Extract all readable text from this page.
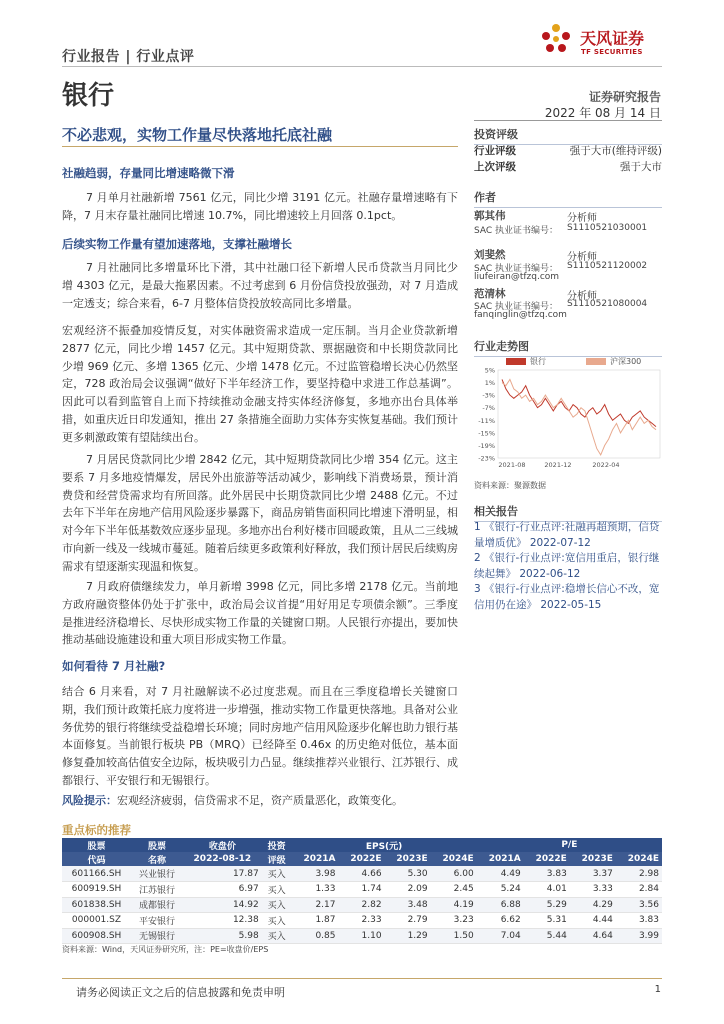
行业报告 | 行业点评
银行
天风证券
TF SECURITIES
证券研究报告
2022 年 08 月 14 日
不必悲观，实物工作量尽快落地托底社融
社融趋弱，存量同比增速略微下滑
7 月单月社融新增 7561 亿元，同比少增 3191 亿元。社融存量增速略有下降，7 月末存量社融同比增速 10.7%，同比增速较上月回落 0.1pct。
后续实物工作量有望加速落地，支撑社融增长
7 月社融同比多增量环比下滑，其中社融口径下新增人民币贷款当月同比少增 4303 亿元，是最大拖累因素。不过考虑到 6 月份信贷投放强劲，对 7 月造成一定透支；综合来看，6-7 月整体信贷投放较高同比多增量。
宏观经济不振叠加疫情反复，对实体融资需求造成一定压制。当月企业贷款新增 2877 亿元，同比少增 1457 亿元。其中短期贷款、票据融资和中长期贷款同比少增 969 亿元、多增 1365 亿元、少增 1478 亿元。不过监管稳增长决心仍然坚定，728 政治局会议强调“做好下半年经济工作，要坚持稳中求进工作总基调”。因此可以看到监管自上而下持续推动金融支持实体经济修复，多地亦出台具体举措，如重庆近日印发通知，推出 27 条措施全面助力实体夯实恢复基础。我们预计更多刺激政策有望陆续出台。
7 月居民贷款同比少增 2842 亿元，其中短期贷款同比少增 354 亿元。这主要系 7 月多地疫情爆发，居民外出旅游等活动减少，影响线下消费场景，预计消费贷和经营贷需求均有所回落。此外居民中长期贷款同比少增 2488 亿元。不过去年下半年在房地产信用风险逐步暴露下，商品房销售面积同比增速下滑明显，相对今年下半年低基数效应逐步显现。多地亦出台利好楼市回暖政策，且从二三线城市向新一线及一线城市蔓延。随着后续更多政策利好释放，我们预计居民后续购房需求有望逐渐实现温和恢复。
7 月政府债继续发力，单月新增 3998 亿元，同比多增 2178 亿元。当前地方政府融资整体仍处于扩张中，政治局会议首提“用好用足专项债余额”。三季度是推进经济稳增长、尽快形成实物工作量的关键窗口期。人民银行亦提出，要加快推动基础设施建设和重大项目形成实物工作量。
如何看待 7 月社融?
结合 6 月来看，对 7 月社融解读不必过度悲观。而且在三季度稳增长关键窗口期，我们预计政策托底力度将进一步增强，推动实物工作量更快落地。具备对公业务优势的银行将继续受益稳增长环境；同时房地产信用风险逐步化解也助力银行基本面修复。当前银行板块 PB（MRQ）已经降至 0.46x 的历史绝对低位，基本面修复叠加较高估值安全边际，板块吸引力凸显。继续推荐兴业银行、江苏银行、成都银行、平安银行和无锡银行。
风险提示：宏观经济疲弱，信贷需求不足，资产质量恶化，政策变化。
投资评级
行业评级	强于大市(维持评级)
上次评级	强于大市
作者
郭其伟	分析师
SAC 执业证书编号： S1110521030001
刘斐然	分析师
SAC 执业证书编号： S1110521120002
liufeiran@tfzq.com
范清林	分析师
SAC 执业证书编号： S1110521080004
fanqinglin@tfzq.com
行业走势图
银行	沪深300
5%
1%
-3%
-7%
-11%
-15%
-19%
-23%
2021-08	2021-12	2022-04
资料来源：聚源数据
相关报告
1 《银行-行业点评:社融再超预期，信贷量增质优》 2022-07-12
2 《银行-行业点评:宽信用重启，银行继续起舞》 2022-06-12
3 《银行-行业点评:稳增长信心不改，宽信用仍在途》 2022-05-15
重点标的推荐
股票	股票	收盘价	投资	EPS(元)				P/E			
代码	名称	2022-08-12	评级	2021A	2022E	2023E	2024E	2021A	2022E	2023E	2024E
601166.SH	兴业银行	17.87	买入	3.98	4.66	5.30	6.00	4.49	3.83	3.37	2.98
600919.SH	江苏银行	6.97	买入	1.33	1.74	2.09	2.45	5.24	4.01	3.33	2.84
601838.SH	成都银行	14.92	买入	2.17	2.82	3.48	4.19	6.88	5.29	4.29	3.56
000001.SZ	平安银行	12.38	买入	1.87	2.33	2.79	3.23	6.62	5.31	4.44	3.83
600908.SH	无锡银行	5.98	买入	0.85	1.10	1.29	1.50	7.04	5.44	4.64	3.99
资料来源：Wind，天风证券研究所，注：PE=收盘价/EPS
请务必阅读正文之后的信息披露和免责申明	1
